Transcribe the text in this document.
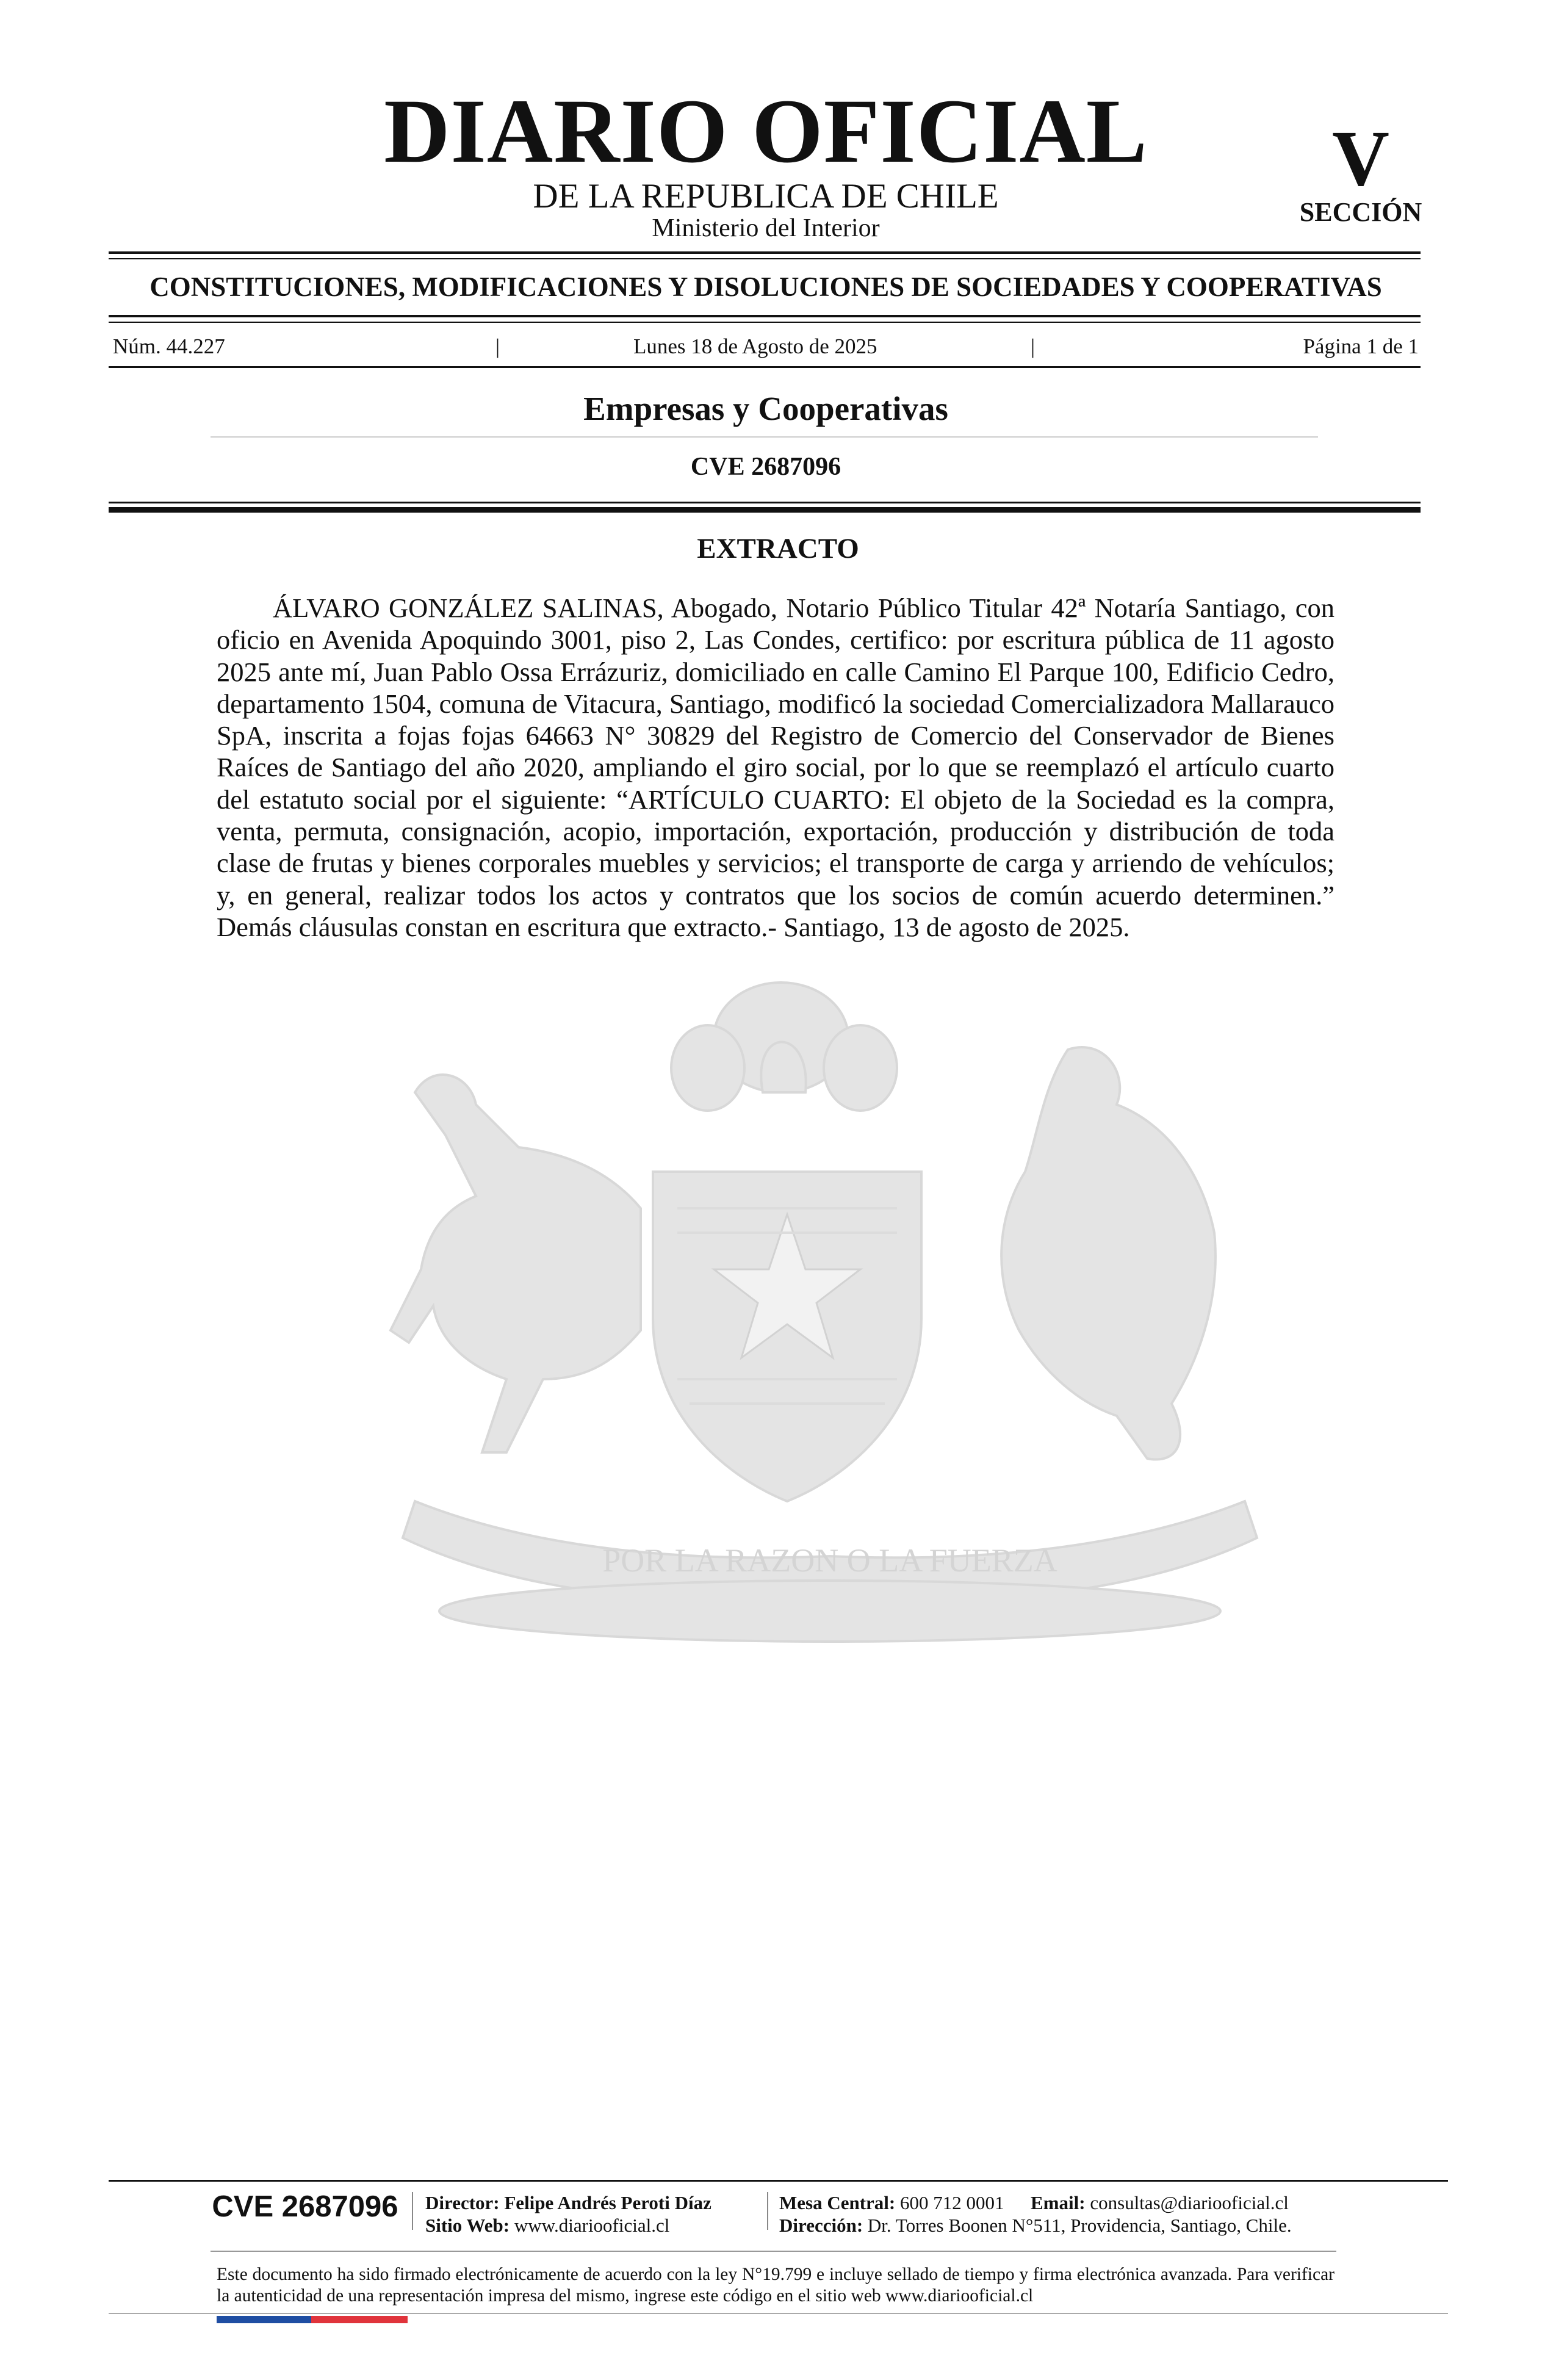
DIARIO OFICIAL
DE LA REPUBLICA DE CHILE
Ministerio del Interior
V
SECCIÓN
CONSTITUCIONES, MODIFICACIONES Y DISOLUCIONES DE SOCIEDADES Y COOPERATIVAS
Núm. 44.227	|	Lunes 18 de Agosto de 2025	|	Página 1 de 1
Empresas y Cooperativas
CVE 2687096
POR LA RAZON O LA FUERZA
EXTRACTO

ÁLVARO GONZÁLEZ SALINAS, Abogado, Notario Público Titular 42ª Notaría Santiago, con oficio en Avenida Apoquindo 3001, piso 2, Las Condes, certifico: por escritura pública de 11 agosto 2025 ante mí, Juan Pablo Ossa Errázuriz, domiciliado en calle Camino El Parque 100, Edificio Cedro, departamento 1504, comuna de Vitacura, Santiago, modificó la sociedad Comercializadora Mallarauco SpA, inscrita a fojas fojas 64663 N° 30829 del Registro de Comercio del Conservador de Bienes Raíces de Santiago del año 2020, ampliando el giro social, por lo que se reemplazó el artículo cuarto del estatuto social por el siguiente: “ARTÍCULO CUARTO: El objeto de la Sociedad es la compra, venta, permuta, consignación, acopio, importación, exportación, producción y distribución de toda clase de frutas y bienes corporales muebles y servicios; el transporte de carga y arriendo de vehículos; y, en general, realizar todos los actos y contratos que los socios de común acuerdo determinen.” Demás cláusulas constan en escritura que extracto.- Santiago, 13 de agosto de 2025.

CVE 2687096 Director: Felipe Andrés Peroti Díaz
Sitio Web: www.diariooficial.cl
Mesa Central: 600 712 0001 Email: consultas@diariooficial.cl
Dirección: Dr. Torres Boonen N°511, Providencia, Santiago, Chile.
Este documento ha sido firmado electrónicamente de acuerdo con la ley N°19.799 e incluye sellado de tiempo y firma electrónica avanzada. Para verificar la autenticidad de una representación impresa del mismo, ingrese este código en el sitio web www.diariooficial.cl
